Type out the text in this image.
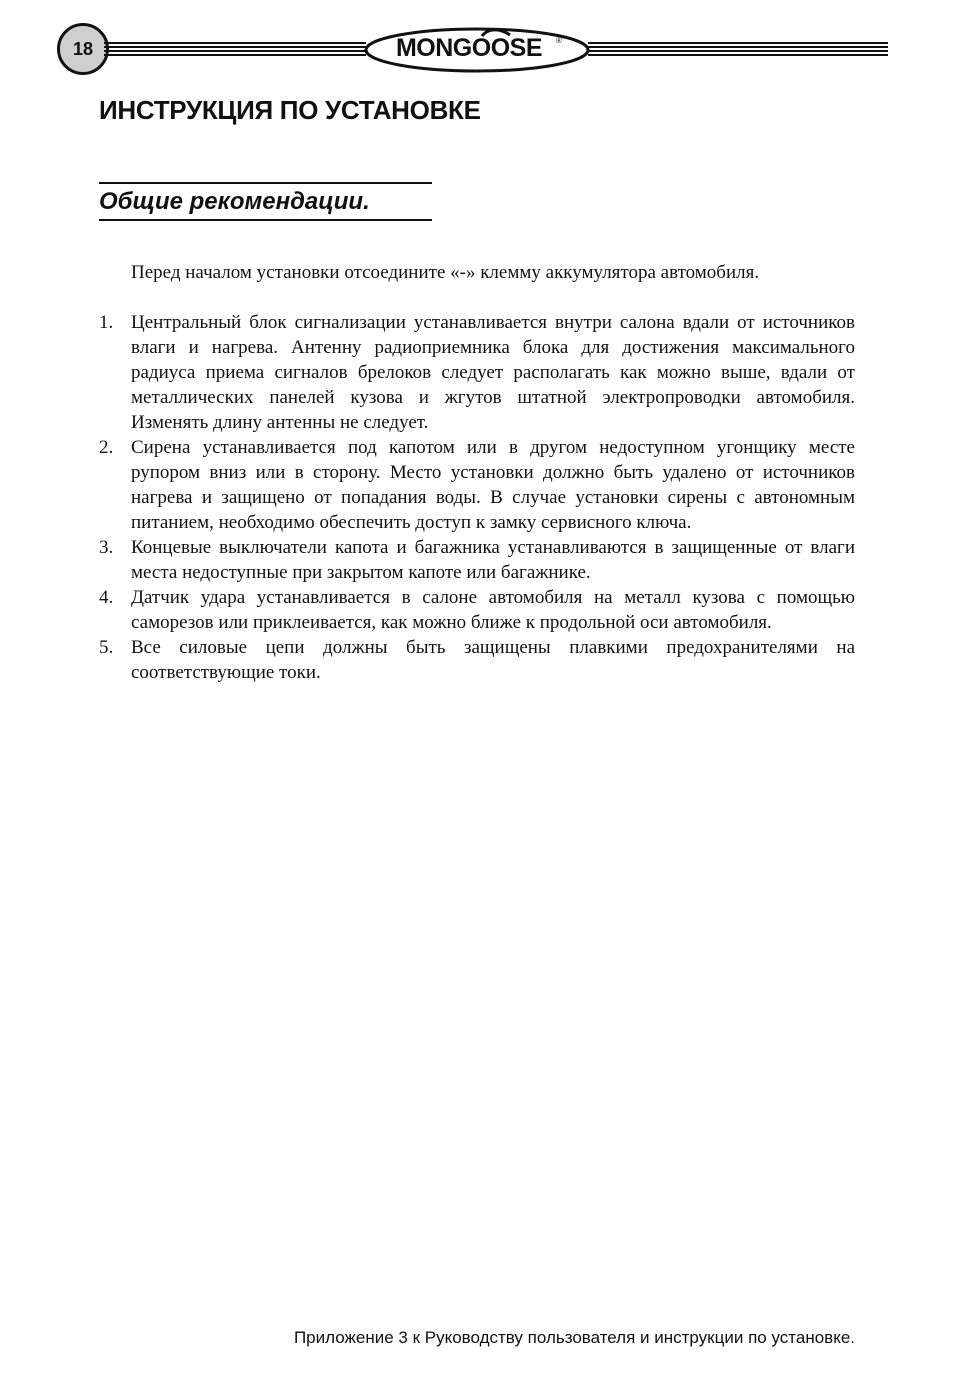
18	MONGOOSE	®
ИНСТРУКЦИЯ ПО УСТАНОВКЕ
Общие рекомендации.

Перед началом установки отсоедините «-» клемму аккумулятора автомобиля.

1. Центральный блок сигнализации устанавливается внутри салона вдали от источников влаги и нагрева. Антенну радиоприемника блока для достижения максимального радиуса приема сигналов брелоков следует располагать как можно выше, вдали от металлических панелей кузова и жгутов штатной электропроводки автомобиля. Изменять длину антенны не следует.
2. Сирена устанавливается под капотом или в другом недоступном угонщику месте рупором вниз или в сторону. Место установки должно быть удалено от источников нагрева и защищено от попадания воды. В случае установки сирены с автономным питанием, необходимо обеспечить доступ к замку сервисного ключа.
3. Концевые выключатели капота и багажника устанавливаются в защищенные от влаги места недоступные при закрытом капоте или багажнике.
4. Датчик удара устанавливается в салоне автомобиля на металл кузова с помощью саморезов или приклеивается, как можно ближе к продольной оси автомобиля.
5. Все силовые цепи должны быть защищены плавкими предохранителями на соответствующие токи.
Приложение 3 к Руководству пользователя и инструкции по установке.
